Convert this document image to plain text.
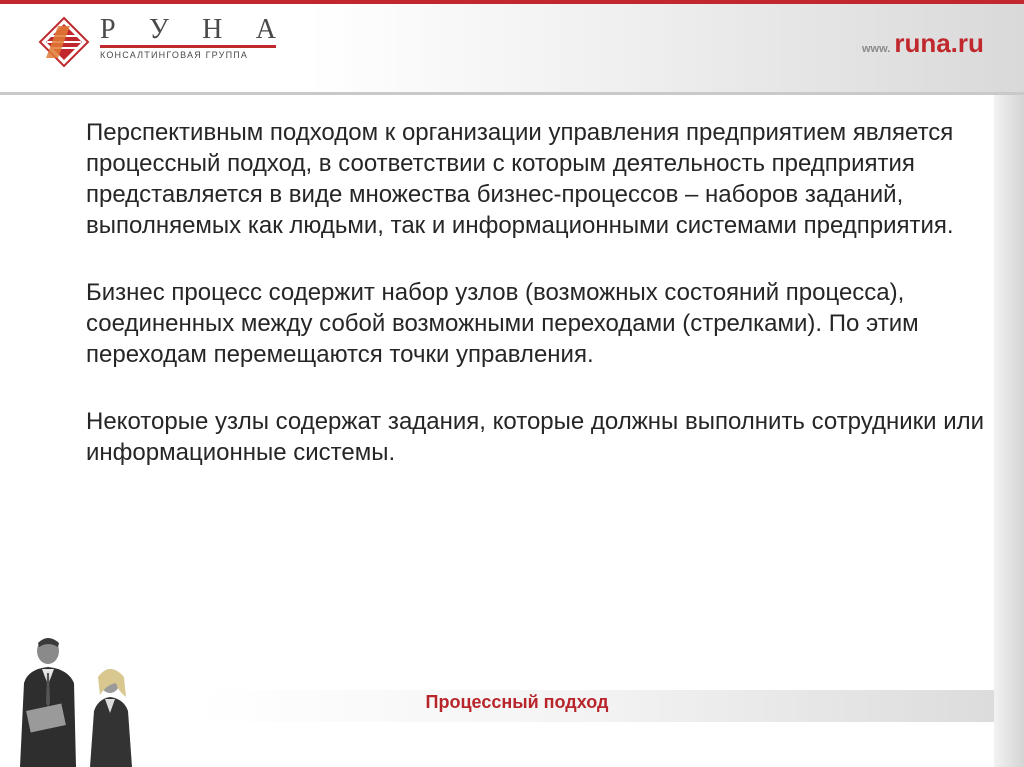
Р У Н А
КОНСАЛТИНГОВАЯ ГРУППА	www. runa.ru

Перспективным подходом к организации управления предприятием является процессный подход, в соответствии с которым деятельность предприятия представляется в виде множества бизнес-процессов – наборов заданий, выполняемых как людьми, так и информационными системами предприятия.

Бизнес процесс содержит набор узлов (возможных состояний процесса), соединенных между собой возможными переходами (стрелками). По этим переходам перемещаются точки управления.

Некоторые узлы содержат задания, которые должны выполнить сотрудники или информационные системы.

Процессный подход
